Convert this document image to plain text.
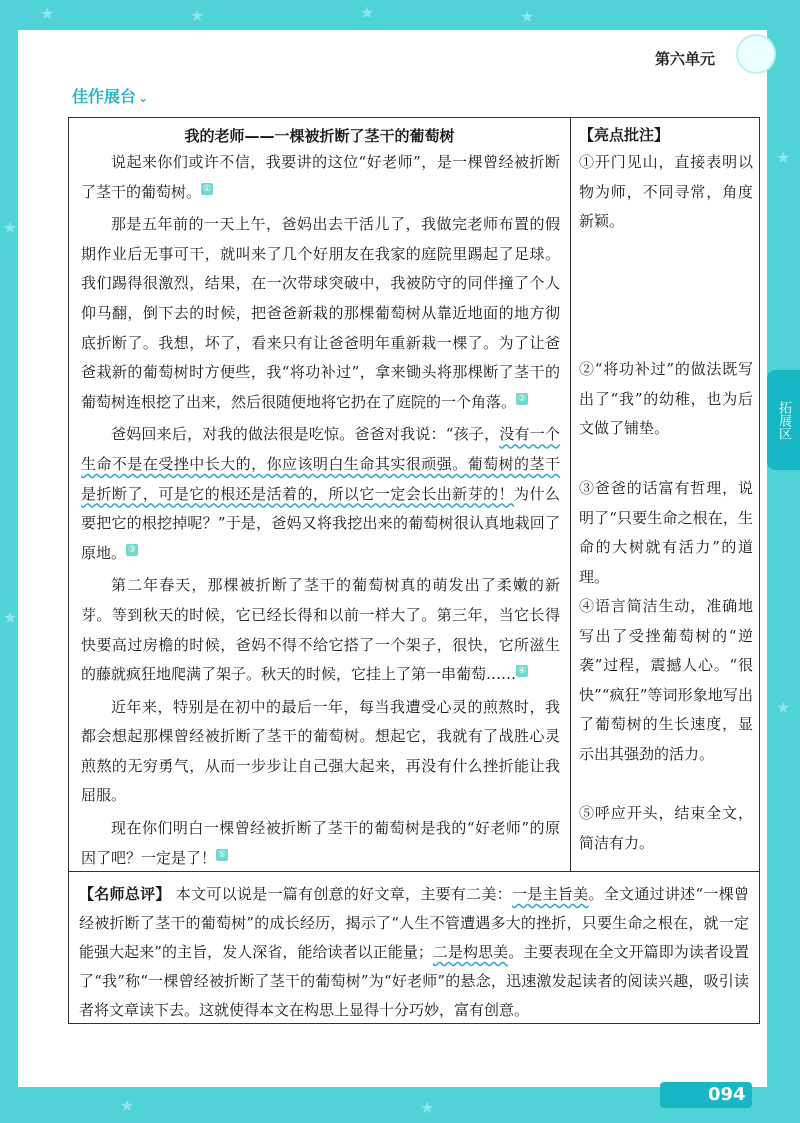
★	★	★	★
★
★
★
★
★	★
第六单元
佳作展台 ⌄
拓展区
我的老师——一棵被折断了茎干的葡萄树

说起来你们或许不信，我要讲的这位“好老师”，是一棵曾经被折断了茎干的葡萄树。 ①

那是五年前的一天上午，爸妈出去干活儿了，我做完老师布置的假期作业后无事可干，就叫来了几个好朋友在我家的庭院里踢起了足球。我们踢得很激烈，结果，在一次带球突破中，我被防守的同伴撞了个人仰马翻，倒下去的时候，把爸爸新栽的那棵葡萄树从靠近地面的地方彻底折断了。我想，坏了，看来只有让爸爸明年重新栽一棵了。为了让爸爸栽新的葡萄树时方便些，我“将功补过”，拿来锄头将那棵断了茎干的葡萄树连根挖了出来，然后很随便地将它扔在了庭院的一个角落。 ②

爸妈回来后，对我的做法很是吃惊。爸爸对我说：“孩子，没有一个生命不是在受挫中长大的，你应该明白生命其实很顽强。葡萄树的茎干是折断了，可是它的根还是活着的，所以它一定会长出新芽的！为什么要把它的根挖掉呢？”于是，爸妈又将我挖出来的葡萄树很认真地栽回了原地。 ③

第二年春天，那棵被折断了茎干的葡萄树真的萌发出了柔嫩的新芽。等到秋天的时候，它已经长得和以前一样大了。第三年，当它长得快要高过房檐的时候，爸妈不得不给它搭了一个架子，很快，它所滋生的藤就疯狂地爬满了架子。秋天的时候，它挂上了第一串葡萄…… ④

近年来，特别是在初中的最后一年，每当我遭受心灵的煎熬时，我都会想起那棵曾经被折断了茎干的葡萄树。想起它，我就有了战胜心灵煎熬的无穷勇气，从而一步步让自己强大起来，再没有什么挫折能让我屈服。

现在你们明白一棵曾经被折断了茎干的葡萄树是我的“好老师”的原因了吧？一定是了！ ⑤

【亮点批注】
①开门见山，直接表明以物为师，不同寻常，角度新颖。
②“将功补过”的做法既写出了“我”的幼稚，也为后文做了铺垫。
③爸爸的话富有哲理，说明了“只要生命之根在，生命的大树就有活力”的道理。
④语言简洁生动，准确地写出了受挫葡萄树的“逆袭”过程，震撼人心。“很快”“疯狂”等词形象地写出了葡萄树的生长速度，显示出其强劲的活力。
⑤呼应开头，结束全文，简洁有力。
【名师总评】 本文可以说是一篇有创意的好文章，主要有二美：一是主旨美。全文通过讲述“一棵曾经被折断了茎干的葡萄树”的成长经历，揭示了“人生不管遭遇多大的挫折，只要生命之根在，就一定能强大起来”的主旨，发人深省，能给读者以正能量；二是构思美。主要表现在全文开篇即为读者设置了“我”称“一棵曾经被折断了茎干的葡萄树”为“好老师”的悬念，迅速激发起读者的阅读兴趣，吸引读者将文章读下去。这就使得本文在构思上显得十分巧妙，富有创意。
094
